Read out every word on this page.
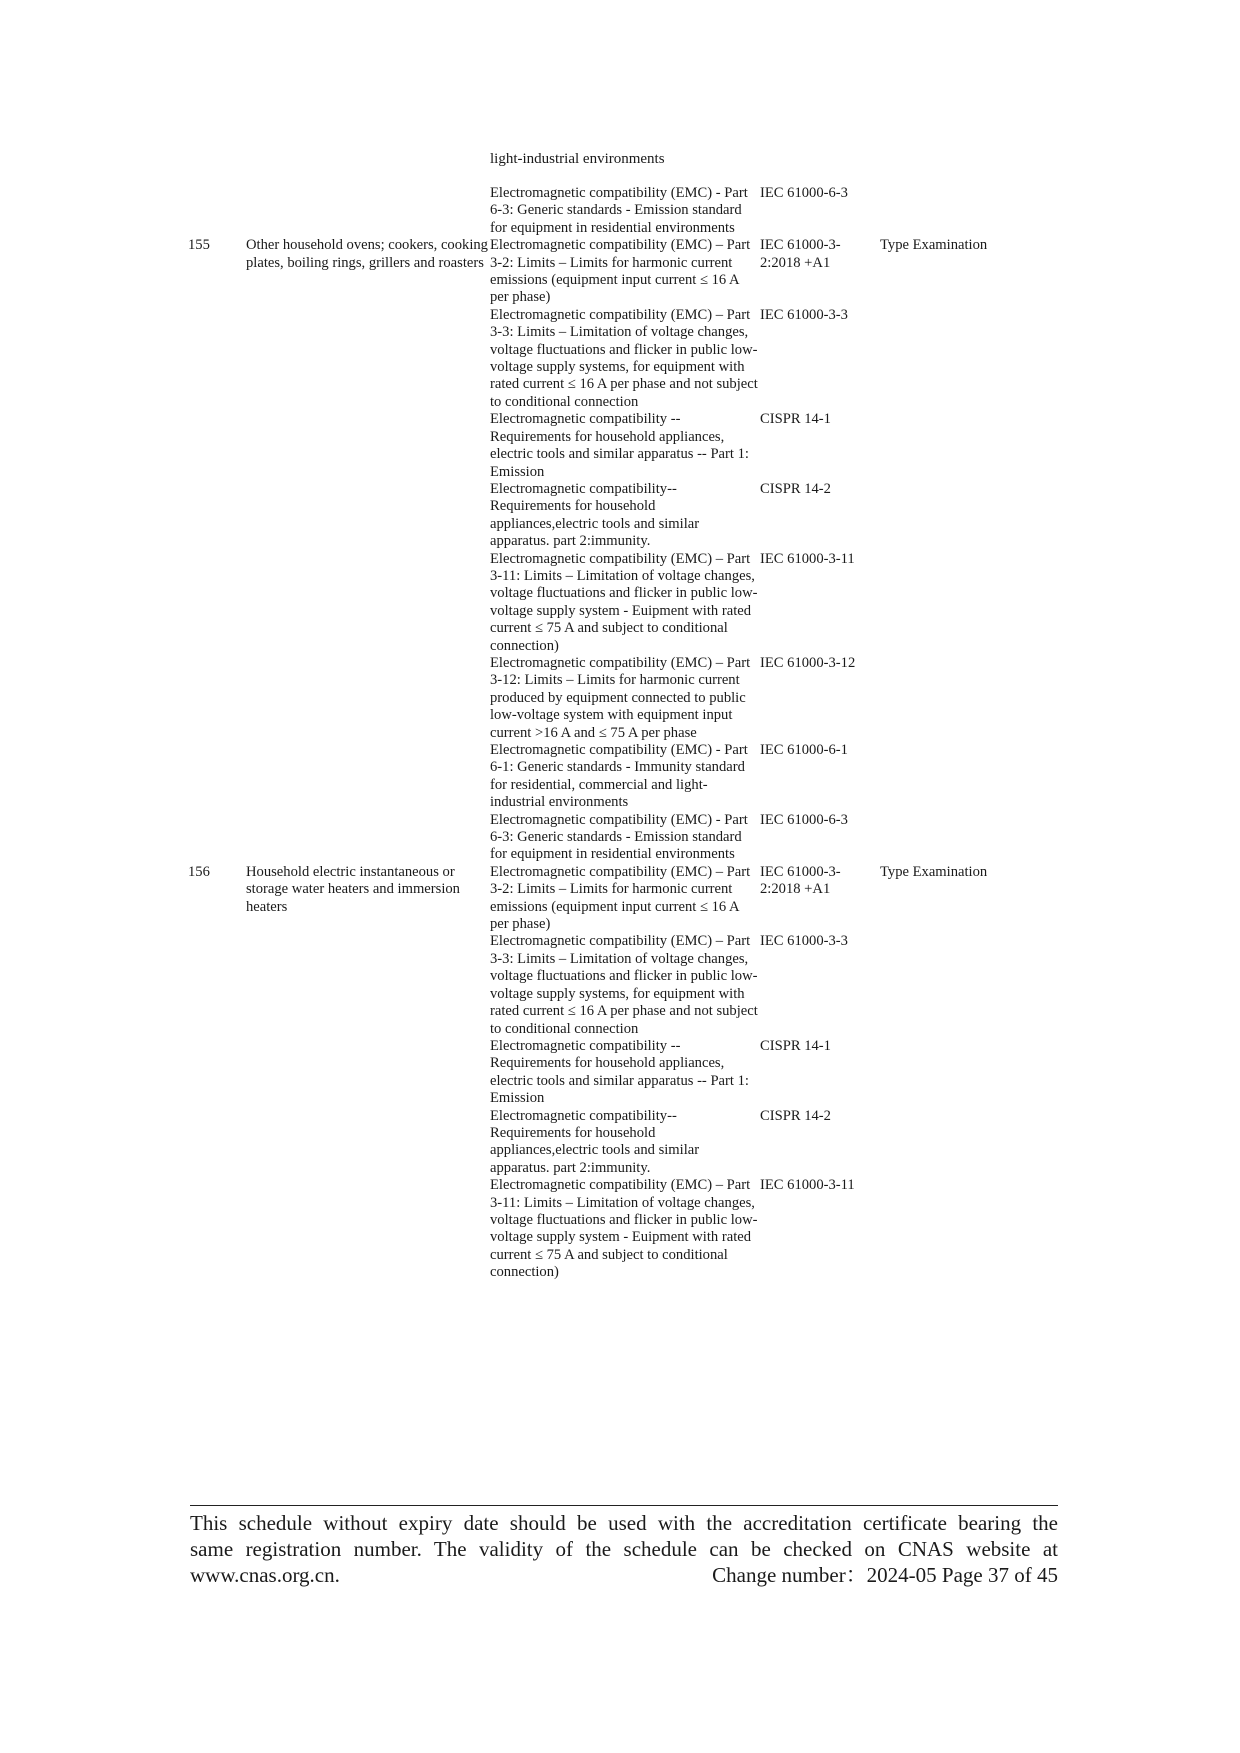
light-industrial environments
		Electromagnetic compatibility (EMC) - Part 6-3: Generic standards - Emission standard for equipment in residential environments	IEC 61000-6-3	
155	Other household ovens; cookers, cooking plates, boiling rings, grillers and roasters	Electromagnetic compatibility (EMC) – Part 3-2: Limits – Limits for harmonic current emissions (equipment input current ≤ 16 A per phase)	IEC 61000-3-2:2018 +A1	Type Examination
		Electromagnetic compatibility (EMC) – Part 3-3: Limits – Limitation of voltage changes, voltage fluctuations and flicker in public low-voltage supply systems, for equipment with rated current ≤ 16 A per phase and not subject to conditional connection	IEC 61000-3-3	
		Electromagnetic compatibility -- Requirements for household appliances, electric tools and similar apparatus -- Part 1: Emission	CISPR 14-1	
		Electromagnetic compatibility-- Requirements for household appliances,electric tools and similar apparatus. part 2:immunity.	CISPR 14-2	
		Electromagnetic compatibility (EMC) – Part 3-11: Limits – Limitation of voltage changes, voltage fluctuations and flicker in public low-voltage supply system - Euipment with rated current ≤ 75 A and subject to conditional connection)	IEC 61000-3-11	
		Electromagnetic compatibility (EMC) – Part 3-12: Limits – Limits for harmonic current produced by equipment connected to public low-voltage system with equipment input current >16 A and ≤ 75 A per phase	IEC 61000-3-12	
		Electromagnetic compatibility (EMC) - Part 6-1: Generic standards - Immunity standard for residential, commercial and light-industrial environments	IEC 61000-6-1	
		Electromagnetic compatibility (EMC) - Part 6-3: Generic standards - Emission standard for equipment in residential environments	IEC 61000-6-3	
156	Household electric instantaneous or storage water heaters and immersion heaters	Electromagnetic compatibility (EMC) – Part 3-2: Limits – Limits for harmonic current emissions (equipment input current ≤ 16 A per phase)	IEC 61000-3-2:2018 +A1	Type Examination
		Electromagnetic compatibility (EMC) – Part 3-3: Limits – Limitation of voltage changes, voltage fluctuations and flicker in public low-voltage supply systems, for equipment with rated current ≤ 16 A per phase and not subject to conditional connection	IEC 61000-3-3	
		Electromagnetic compatibility -- Requirements for household appliances, electric tools and similar apparatus -- Part 1: Emission	CISPR 14-1	
		Electromagnetic compatibility-- Requirements for household appliances,electric tools and similar apparatus. part 2:immunity.	CISPR 14-2	
		Electromagnetic compatibility (EMC) – Part 3-11: Limits – Limitation of voltage changes, voltage fluctuations and flicker in public low-voltage supply system - Euipment with rated current ≤ 75 A and subject to conditional connection)	IEC 61000-3-11	
This schedule without expiry date should be used with the accreditation certificate bearing the
same registration number. The validity of the schedule can be checked on CNAS website at
www.cnas.org.cn.	Change number：2024-05 Page 37 of 45
